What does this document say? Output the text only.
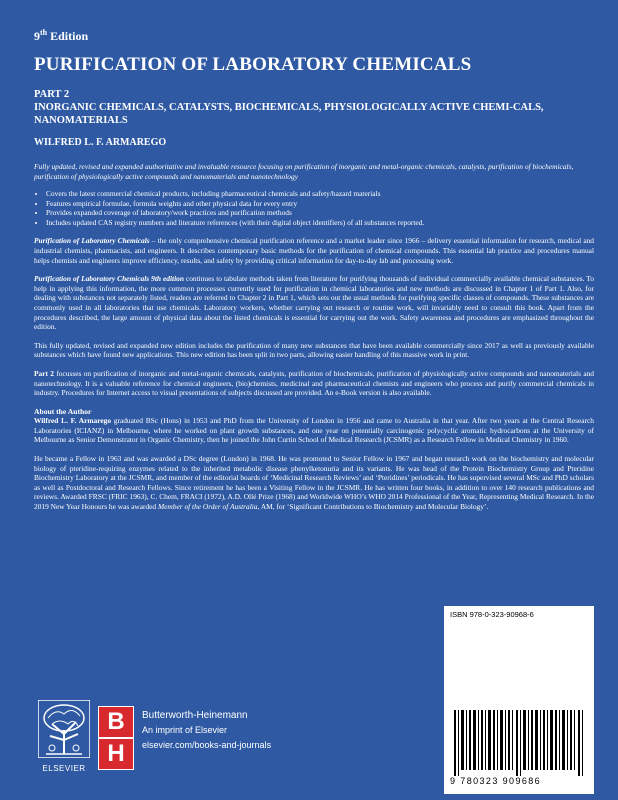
9th Edition
PURIFICATION OF LABORATORY CHEMICALS
PART 2
INORGANIC CHEMICALS, CATALYSTS, BIOCHEMICALS, PHYSIOLOGICALLY ACTIVE CHEMI-CALS, NANOMATERIALS
WILFRED L. F. ARMAREGO
Fully updated, revised and expanded authoritative and invaluable resource focusing on purification of inorganic and metal-organic chemicals, catalysts, purification of biochemicals, purification of physiologically active compounds and nanomaterials and nanotechnology
• Covers the latest commercial chemical products, including pharmaceutical chemicals and safety/hazard materials
• Features empirical formulae, formula weights and other physical data for every entry
• Provides expanded coverage of laboratory/work practices and purification methods
• Includes updated CAS registry numbers and literature references (with their digital object identifiers) of all substances reported.

Purification of Laboratory Chemicals – the only comprehensive chemical purification reference and a market leader since 1966 – delivery essential information for research, medical and industrial chemists, pharmacists, and engineers. It describes contemporary basic methods for the purification of chemical compounds. This essential lab practice and procedures manual helps chemists and engineers improve efficiency, results, and safety by providing critical information for day-to-day lab and processing work.

Purification of Laboratory Chemicals 9th edition continues to tabulate methods taken from literature for purifying thousands of individual commercially available chemical substances. To help in applying this information, the more common processes currently used for purification in chemical laboratories and new methods are discussed in Chapter 1 of Part 1. Also, for dealing with substances not separately listed, readers are referred to Chapter 2 in Part 1, which sets out the usual methods for purifying specific classes of compounds. These substances are commonly used in all laboratories that use chemicals. Laboratory workers, whether carrying out research or routine work, will invariably need to consult this book. Apart from the procedures described, the large amount of physical data about the listed chemicals is essential for carrying out the work. Safety awareness and procedures are emphasized throughout the edition.

This fully updated, revised and expanded new edition includes the purification of many new substances that have been available commercially since 2017 as well as previously available substances which have found new applications. This new edition has been split in two parts, allowing easier handling of this massive work in print.

Part 2 focusses on purification of inorganic and metal-organic chemicals, catalysts, purification of biochemicals, purification of physiologically active compounds and nanomaterials and nanotechnology. It is a valuable reference for chemical engineers, (bio)chemists, medicinal and pharmaceutical chemists and engineers who process and purify commercial chemicals in industry. Procedures for Internet access to visual presentations of subjects discussed are provided. An e-Book version is also available.

About the Author

Wilfred L. F. Armarego graduated BSc (Hons) in 1953 and PhD from the University of London in 1956 and came to Australia in that year. After two years at the Central Research Laboratories (ICIANZ) in Melbourne, where he worked on plant growth substances, and one year on potentially carcinogenic polycyclic aromatic hydrocarbons at the University of Melbourne as Senior Demonstrator in Organic Chemistry, then he joined the John Curtin School of Medical Research (JCSMR) as a Research Fellow in Medical Chemistry in 1960.

He became a Fellow in 1963 and was awarded a DSc degree (London) in 1968. He was promoted to Senior Fellow in 1967 and began research work on the biochemistry and molecular biology of pteridine-requiring enzymes related to the inherited metabolic disease phenylketonuria and its variants. He was head of the Protein Biochemistry Group and Pteridine Biochemistry Laboratory at the JCSMR, and member of the editorial boards of ‘Medicinal Research Reviews’ and ‘Pteridines’ periodicals. He has supervised several MSc and PhD scholars as well as Postdoctoral and Research Fellows. Since retirement he has been a Visiting Fellow in the JCSMR. He has written four books, in addition to over 140 research publications and reviews. Awarded FRSC (FRIC 1963), C. Chem, FRACI (1972), A.D. Ollé Prize (1968) and Worldwide WHO’s WHO 2014 Professional of the Year, Representing Medical Research. In the 2019 New Year Honours he was awarded Member of the Order of Australia, AM, for ‘Significant Contributions to Biochemistry and Molecular Biology’.

ELSEVIER
B
H
Butterworth-Heinemann
An imprint of Elsevier
elsevier.com/books-and-journals
ISBN 978-0-323-90968-6
9 780323 909686
